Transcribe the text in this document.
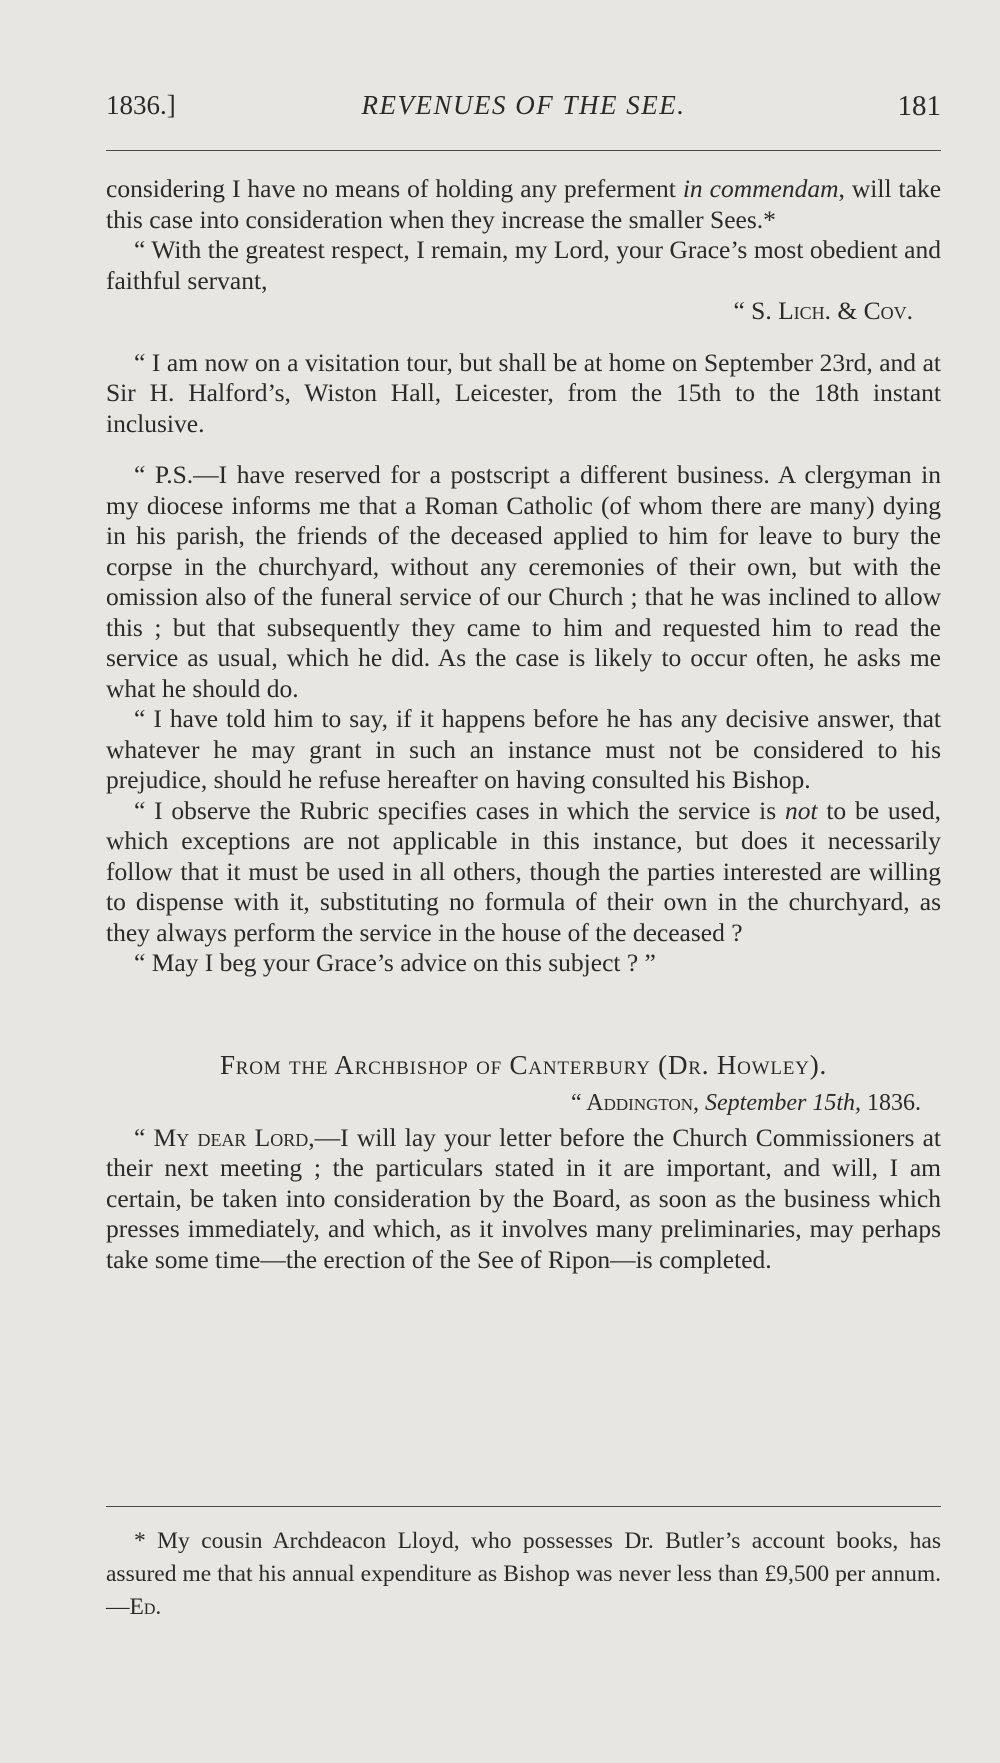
1836.]	REVENUES OF THE SEE.	181

considering I have no means of holding any preferment in commendam, will take this case into consideration when they increase the smaller Sees.*

“ With the greatest respect, I remain, my Lord, your Grace’s most obedient and faithful servant,

“ S. Lich. & Cov.

“ I am now on a visitation tour, but shall be at home on September 23rd, and at Sir H. Halford’s, Wiston Hall, Leicester, from the 15th to the 18th instant inclusive.

“ P.S.—I have reserved for a postscript a different business. A clergyman in my diocese informs me that a Roman Catholic (of whom there are many) dying in his parish, the friends of the deceased applied to him for leave to bury the corpse in the churchyard, without any ceremonies of their own, but with the omission also of the funeral service of our Church ; that he was inclined to allow this ; but that subsequently they came to him and requested him to read the service as usual, which he did. As the case is likely to occur often, he asks me what he should do.

“ I have told him to say, if it happens before he has any decisive answer, that whatever he may grant in such an instance must not be considered to his prejudice, should he refuse hereafter on having consulted his Bishop.

“ I observe the Rubric specifies cases in which the service is not to be used, which exceptions are not applicable in this instance, but does it necessarily follow that it must be used in all others, though the parties interested are willing to dispense with it, substituting no formula of their own in the churchyard, as they always perform the service in the house of the deceased ?

“ May I beg your Grace’s advice on this subject ? ”

From the Archbishop of Canterbury (Dr. Howley).

“ Addington, September 15th, 1836.

“ My dear Lord,—I will lay your letter before the Church Commissioners at their next meeting ; the particulars stated in it are important, and will, I am certain, be taken into consideration by the Board, as soon as the business which presses immediately, and which, as it involves many preliminaries, may perhaps take some time—the erection of the See of Ripon—is completed.

* My cousin Archdeacon Lloyd, who possesses Dr. Butler’s account books, has assured me that his annual expenditure as Bishop was never less than £9,500 per annum.—Ed.
